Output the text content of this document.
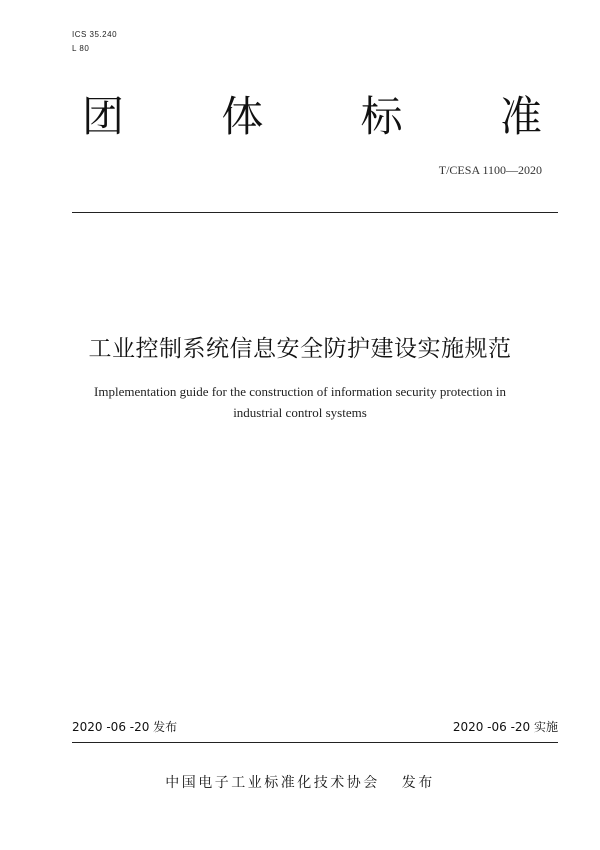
ICS 35.240
L 80
团 体 标 准
T/CESA 1100—2020
工业控制系统信息安全防护建设实施规范
Implementation guide for the construction of information security protection in
industrial control systems
2020 -06 -20 发布	2020 -06 -20 实施
中国电子工业标准化技术协会 发布
